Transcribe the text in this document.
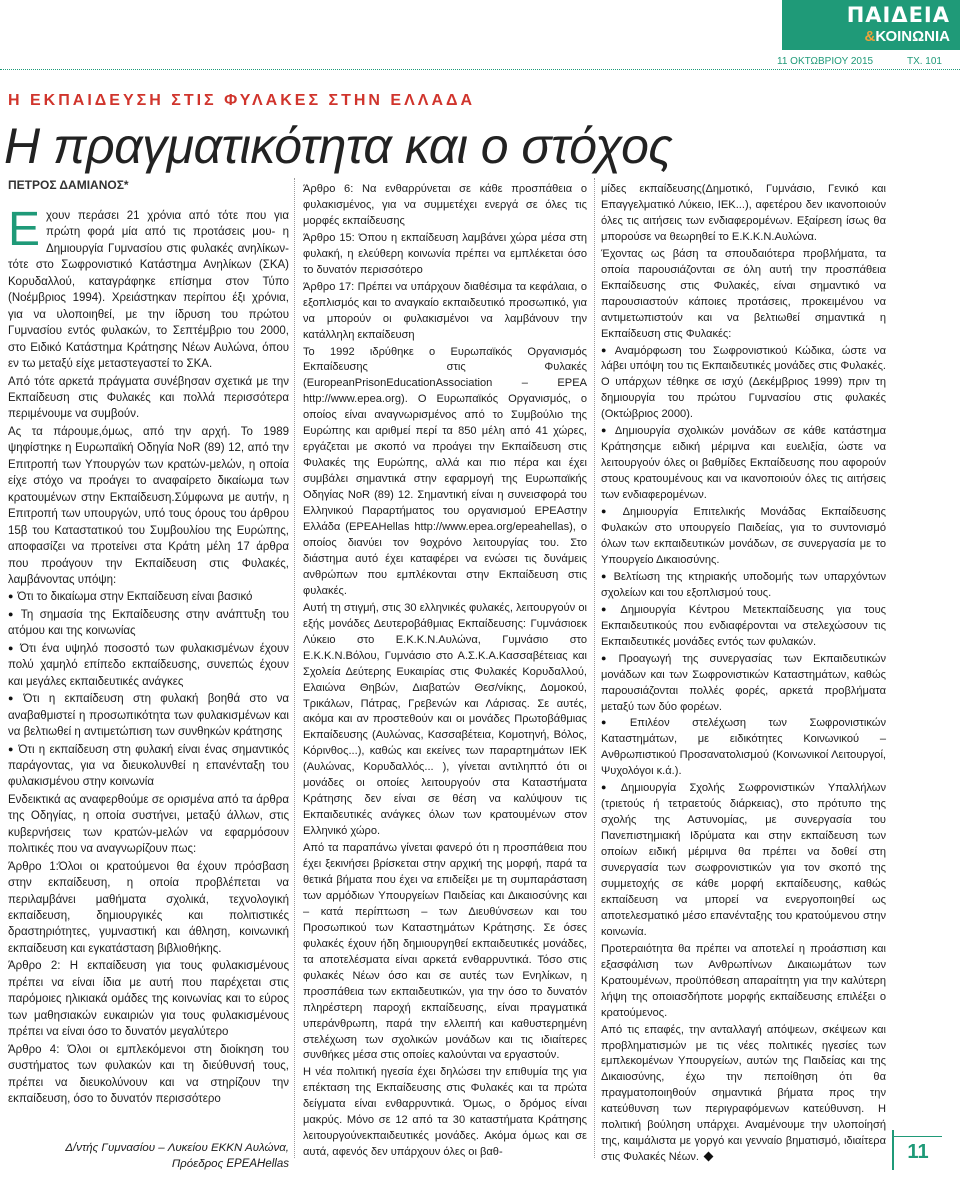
ΠΑΙΔΕΙΑ
&ΚΟΙΝΩΝΙΑ
11 ΟΚΤΩΒΡΙΟΥ 2015	ΤΧ. 101
Η ΕΚΠΑΙΔΕΥΣΗ ΣΤΙΣ ΦΥΛΑΚΕΣ ΣΤΗΝ ΕΛΛΑΔΑ
Η πραγματικότητα και ο στόχος
ΠΕΤΡΟΣ ΔΑΜΙΑΝΟΣ*

Εχουν περάσει 21 χρόνια από τότε που για πρώτη φορά μία από τις προτάσεις μου- η Δημιουργία Γυμνασίου στις φυλακές ανηλίκων- τότε στο Σωφρονιστικό Κατάστημα Ανηλίκων (ΣΚΑ) Κορυδαλλού, καταγράφηκε επίσημα στον Τύπο (Νοέμβριος 1994). Χρειάστηκαν περίπου έξι χρόνια, για να υλοποιηθεί, με την ίδρυση του πρώτου Γυμνασίου εντός φυλακών, το Σεπτέμβριο του 2000, στο Ειδικό Κατάστημα Κράτησης Νέων Αυλώνα, όπου εν τω μεταξύ είχε μεταστεγαστεί το ΣΚΑ.

Από τότε αρκετά πράγματα συνέβησαν σχετικά με την Εκπαίδευση στις Φυλακές και πολλά περισσότερα περιμένουμε να συμβούν.

Ας τα πάρουμε,όμως, από την αρχή. Το 1989 ψηφίστηκε η Ευρωπαϊκή Οδηγία NoR (89) 12, από την Επιτροπή των Υπουργών των κρατών-μελών, η οποία είχε στόχο να προάγει το αναφαίρετο δικαίωμα των κρατουμένων στην Εκπαίδευση.Σύμφωνα με αυτήν, η Επιτροπή των υπουργών, υπό τους όρους του άρθρου 15β του Καταστατικού του Συμβουλίου της Ευρώπης, αποφασίζει να προτείνει στα Κράτη μέλη 17 άρθρα που προάγουν την Εκπαίδευση στις Φυλακές, λαμβάνοντας υπόψη:

● Ότι το δικαίωμα στην Εκπαίδευση είναι βασικό

● Τη σημασία της Εκπαίδευσης στην ανάπτυξη του ατόμου και της κοινωνίας

● Ότι ένα υψηλό ποσοστό των φυλακισμένων έχουν πολύ χαμηλό επίπεδο εκπαίδευσης, συνεπώς έχουν και μεγάλες εκπαιδευτικές ανάγκες

● Ότι η εκπαίδευση στη φυλακή βοηθά στο να αναβαθμιστεί η προσωπικότητα των φυλακισμένων και να βελτιωθεί η αντιμετώπιση των συνθηκών κράτησης

● Ότι η εκπαίδευση στη φυλακή είναι ένας σημαντικός παράγοντας, για να διευκολυνθεί η επανένταξη του φυλακισμένου στην κοινωνία

Ενδεικτικά ας αναφερθούμε σε ορισμένα από τα άρθρα της Οδηγίας, η οποία συστήνει, μεταξύ άλλων, στις κυβερνήσεις των κρατών-μελών να εφαρμόσουν πολιτικές που να αναγνωρίζουν πως:

Άρθρο 1:Όλοι οι κρατούμενοι θα έχουν πρόσβαση στην εκπαίδευση, η οποία προβλέπεται να περιλαμβάνει μαθήματα σχολικά, τεχνολογική εκπαίδευση, δημιουργικές και πολιτιστικές δραστηριότητες, γυμναστική και άθληση, κοινωνική εκπαίδευση και εγκατάσταση βιβλιοθήκης.

Άρθρο 2: Η εκπαίδευση για τους φυλακισμένους πρέπει να είναι ίδια με αυτή που παρέχεται στις παρόμοιες ηλικιακά ομάδες της κοινωνίας και το εύρος των μαθησιακών ευκαιριών για τους φυλακισμένους πρέπει να είναι όσο το δυνατόν μεγαλύτερο

Άρθρο 4: Όλοι οι εμπλεκόμενοι στη διοίκηση του συστήματος των φυλακών και τη διεύθυνσή τους, πρέπει να διευκολύνουν και να στηρίζουν την εκπαίδευση, όσο το δυνατόν περισσότερο

Δ/ντής Γυμνασίου – Λυκείου ΕΚΚΝ Αυλώνα,
Πρόεδρος EPEAHellas

Άρθρο 6: Να ενθαρρύνεται σε κάθε προσπάθεια ο φυλακισμένος, για να συμμετέχει ενεργά σε όλες τις μορφές εκπαίδευσης

Άρθρο 15: Όπου η εκπαίδευση λαμβάνει χώρα μέσα στη φυλακή, η ελεύθερη κοινωνία πρέπει να εμπλέκεται όσο το δυνατόν περισσότερο

Άρθρο 17: Πρέπει να υπάρχουν διαθέσιμα τα κεφάλαια, ο εξοπλισμός και το αναγκαίο εκπαιδευτικό προσωπικό, για να μπορούν οι φυλακισμένοι να λαμβάνουν την κατάλληλη εκπαίδευση

Το 1992 ιδρύθηκε ο Ευρωπαϊκός Οργανισμός Εκπαίδευσης στις Φυλακές (EuropeanPrisonEducationAssociation – EPEA http://www.epea.org). Ο Ευρωπαϊκός Οργανισμός, ο οποίος είναι αναγνωρισμένος από το Συμβούλιο της Ευρώπης και αριθμεί περί τα 850 μέλη από 41 χώρες, εργάζεται με σκοπό να προάγει την Εκπαίδευση στις Φυλακές της Ευρώπης, αλλά και πιο πέρα και έχει συμβάλει σημαντικά στην εφαρμογή της Ευρωπαϊκής Οδηγίας NoR (89) 12. Σημαντική είναι η συνεισφορά του Ελληνικού Παραρτήματος του οργανισμού EPEAστην Ελλάδα (EPEAHellas http://www.epea.org/epeahellas), ο οποίος διανύει τον 9οχρόνο λειτουργίας του. Στο διάστημα αυτό έχει καταφέρει να ενώσει τις δυνάμεις ανθρώπων που εμπλέκονται στην Εκπαίδευση στις φυλακές.

Αυτή τη στιγμή, στις 30 ελληνικές φυλακές, λειτουργούν οι εξής μονάδες Δευτεροβάθμιας Εκπαίδευσης: Γυμνάσιοεκ Λύκειο στο Ε.Κ.Κ.Ν.Αυλώνα, Γυμνάσιο στο Ε.Κ.Κ.Ν.Βόλου, Γυμνάσιο στο Α.Σ.Κ.Α.Κασσαβέτειας και Σχολεία Δεύτερης Ευκαιρίας στις Φυλακές Κορυδαλλού, Ελαιώνα Θηβών, Διαβατών Θεσ/νίκης, Δομοκού, Τρικάλων, Πάτρας, Γρεβενών και Λάρισας. Σε αυτές, ακόμα και αν προστεθούν και οι μονάδες Πρωτοβάθμιας Εκπαίδευσης (Αυλώνας, Κασσαβέτεια, Κομοτηνή, Βόλος, Κόρινθος...), καθώς και εκείνες των παραρτημάτων ΙΕΚ (Αυλώνας, Κορυδαλλός... ), γίνεται αντιληπτό ότι οι μονάδες οι οποίες λειτουργούν στα Καταστήματα Κράτησης δεν είναι σε θέση να καλύψουν τις Εκπαιδευτικές ανάγκες όλων των κρατουμένων στον Ελληνικό χώρο.

Από τα παραπάνω γίνεται φανερό ότι η προσπάθεια που έχει ξεκινήσει βρίσκεται στην αρχική της μορφή, παρά τα θετικά βήματα που έχει να επιδείξει με τη συμπαράσταση των αρμόδιων Υπουργείων Παιδείας και Δικαιοσύνης και – κατά περίπτωση – των Διευθύνσεων και του Προσωπικού των Καταστημάτων Κράτησης. Σε όσες φυλακές έχουν ήδη δημιουργηθεί εκπαιδευτικές μονάδες, τα αποτελέσματα είναι αρκετά ενθαρρυντικά. Τόσο στις φυλακές Νέων όσο και σε αυτές των Ενηλίκων, η προσπάθεια των εκπαιδευτικών, για την όσο το δυνατόν πληρέστερη παροχή εκπαίδευσης, είναι πραγματικά υπεράνθρωπη, παρά την ελλειπή και καθυστερημένη στελέχωση των σχολικών μονάδων και τις ιδιαίτερες συνθήκες μέσα στις οποίες καλούνται να εργαστούν.

Η νέα πολιτική ηγεσία έχει δηλώσει την επιθυμία της για επέκταση της Εκπαίδευσης στις Φυλακές και τα πρώτα δείγματα είναι ενθαρρυντικά. Όμως, ο δρόμος είναι μακρύς. Μόνο σε 12 από τα 30 καταστήματα Κράτησης λειτουργούνεκπαιδευτικές μονάδες. Ακόμα όμως και σε αυτά, αφενός δεν υπάρχουν όλες οι βαθ-

μίδες εκπαίδευσης(Δημοτικό, Γυμνάσιο, Γενικό και Επαγγελματικό Λύκειο, ΙΕΚ...), αφετέρου δεν ικανοποιούν όλες τις αιτήσεις των ενδιαφερομένων. Εξαίρεση ίσως θα μπορούσε να θεωρηθεί το Ε.Κ.Κ.Ν.Αυλώνα.

Έχοντας ως βάση τα σπουδαιότερα προβλήματα, τα οποία παρουσιάζονται σε όλη αυτή την προσπάθεια Εκπαίδευσης στις Φυλακές, είναι σημαντικό να παρουσιαστούν κάποιες προτάσεις, προκειμένου να αντιμετωπιστούν και να βελτιωθεί σημαντικά η Εκπαίδευση στις Φυλακές:

● Αναμόρφωση του Σωφρονιστικού Κώδικα, ώστε να λάβει υπόψη του τις Εκπαιδευτικές μονάδες στις Φυλακές. Ο υπάρχων τέθηκε σε ισχύ (Δεκέμβριος 1999) πριν τη δημιουργία του πρώτου Γυμνασίου στις φυλακές (Οκτώβριος 2000).

● Δημιουργία σχολικών μονάδων σε κάθε κατάστημα Κράτησηςμε ειδική μέριμνα και ευελιξία, ώστε να λειτουργούν όλες οι βαθμίδες Εκπαίδευσης που αφορούν στους κρατουμένους και να ικανοποιούν όλες τις αιτήσεις των ενδιαφερομένων.

● Δημιουργία Επιτελικής Μονάδας Εκπαίδευσης Φυλακών στο υπουργείο Παιδείας, για το συντονισμό όλων των εκπαιδευτικών μονάδων, σε συνεργασία με το Υπουργείο Δικαιοσύνης.

● Βελτίωση της κτηριακής υποδομής των υπαρχόντων σχολείων και του εξοπλισμού τους.

● Δημιουργία Κέντρου Μετεκπαίδευσης για τους Εκπαιδευτικούς που ενδιαφέρονται να στελεχώσουν τις Εκπαιδευτικές μονάδες εντός των φυλακών.

● Προαγωγή της συνεργασίας των Εκπαιδευτικών μονάδων και των Σωφρονιστικών Καταστημάτων, καθώς παρουσιάζονται πολλές φορές, αρκετά προβλήματα μεταξύ των δύο φορέων.

● Επιλέον στελέχωση των Σωφρονιστικών Καταστημάτων, με ειδικότητες Κοινωνικού – Ανθρωπιστικού Προσανατολισμού (Κοινωνικοί Λειτουργοί, Ψυχολόγοι κ.ά.).

● Δημιουργία Σχολής Σωφρονιστικών Υπαλλήλων (τριετούς ή τετραετούς διάρκειας), στο πρότυπο της σχολής της Αστυνομίας, με συνεργασία του Πανεπιστημιακή Ιδρύματα και στην εκπαίδευση των οποίων ειδική μέριμνα θα πρέπει να δοθεί στη συνεργασία των σωφρονιστικών για τον σκοπό της συμμετοχής σε κάθε μορφή εκπαίδευσης, καθώς εκπαίδευση να μπορεί να ενεργοποιηθεί ως αποτελεσματικό μέσο επανένταξης του κρατούμενου στην κοινωνία.

Προτεραιότητα θα πρέπει να αποτελεί η προάσπιση και εξασφάλιση των Ανθρωπίνων Δικαιωμάτων των Κρατουμένων, προϋπόθεση απαραίτητη για την καλύτερη λήψη της οποιασδήποτε μορφής εκπαίδευσης επιλέξει ο κρατούμενος.

Από τις επαφές, την ανταλλαγή απόψεων, σκέψεων και προβληματισμών με τις νέες πολιτικές ηγεσίες των εμπλεκομένων Υπουργείων, αυτών της Παιδείας και της Δικαιοσύνης, έχω την πεποίθηση ότι θα πραγματοποιηθούν σημαντικά βήματα προς την κατεύθυνση των περιγραφόμενων κατεύθυνση. Η πολιτική βούληση υπάρχει. Αναμένουμε την υλοποίησή της, καιμάλιστα με γοργό και γενναίο βηματισμό, ιδιαίτερα στις Φυλακές Νέων.	11
